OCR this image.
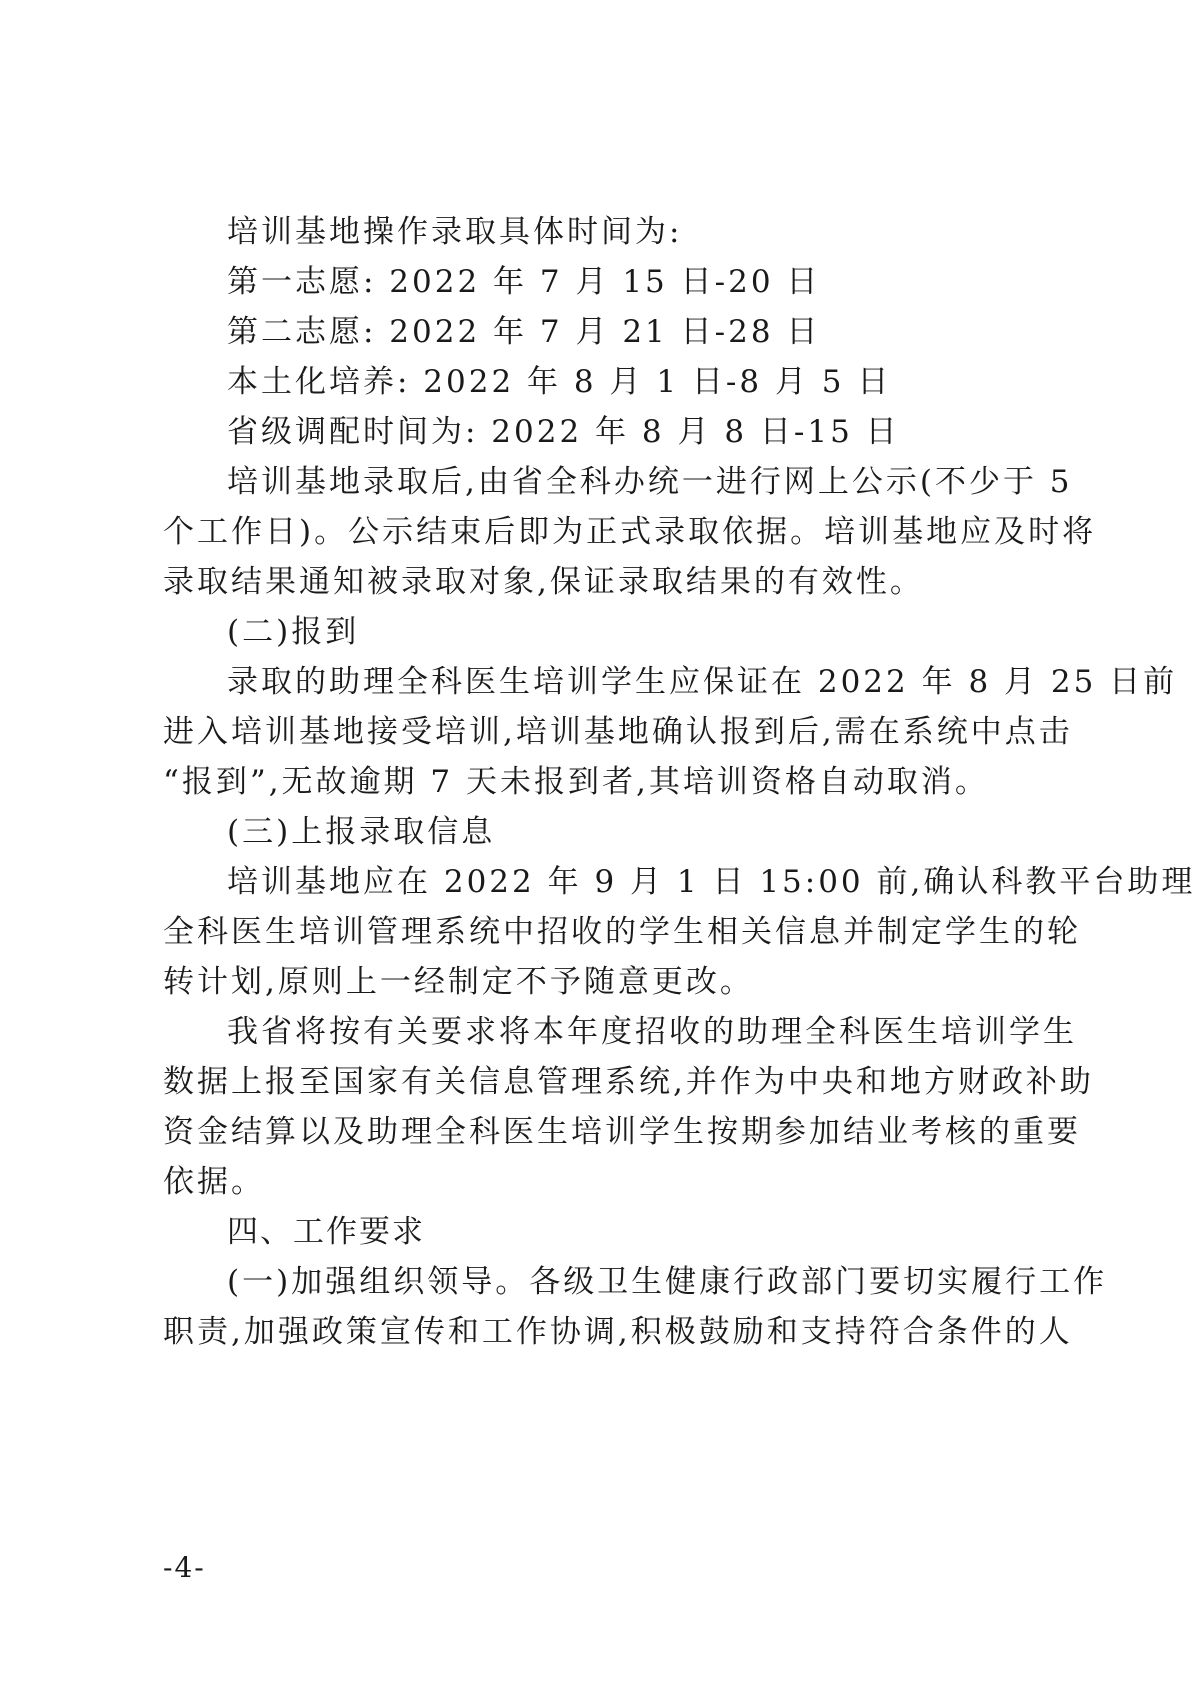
培训基地操作录取具体时间为:
第一志愿: 2022 年 7 月 15 日-20 日
第二志愿: 2022 年 7 月 21 日-28 日
本土化培养: 2022 年 8 月 1 日-8 月 5 日
省级调配时间为: 2022 年 8 月 8 日-15 日
培训基地录取后,由省全科办统一进行网上公示(不少于 5
个工作日)。公示结束后即为正式录取依据。培训基地应及时将
录取结果通知被录取对象,保证录取结果的有效性。
(二)报到
录取的助理全科医生培训学生应保证在 2022 年 8 月 25 日前
进入培训基地接受培训,培训基地确认报到后,需在系统中点击
“报到”,无故逾期 7 天未报到者,其培训资格自动取消。
(三)上报录取信息
培训基地应在 2022 年 9 月 1 日 15:00 前,确认科教平台助理
全科医生培训管理系统中招收的学生相关信息并制定学生的轮
转计划,原则上一经制定不予随意更改。
我省将按有关要求将本年度招收的助理全科医生培训学生
数据上报至国家有关信息管理系统,并作为中央和地方财政补助
资金结算以及助理全科医生培训学生按期参加结业考核的重要
依据。
四、工作要求
(一)加强组织领导。各级卫生健康行政部门要切实履行工作
职责,加强政策宣传和工作协调,积极鼓励和支持符合条件的人
-4-
